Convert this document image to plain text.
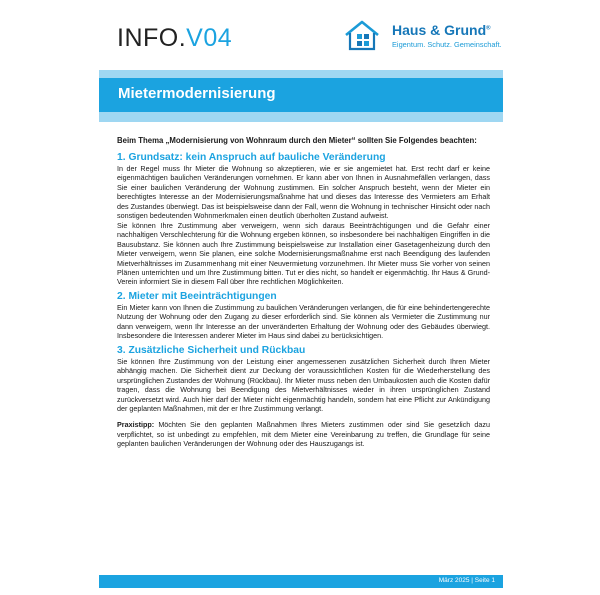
INFO.V04	Haus & Grund®
Eigentum. Schutz. Gemeinschaft.
Mietermodernisierung

Beim Thema „Modernisierung von Wohnraum durch den Mieter“ sollten Sie Folgendes beachten:

1. Grundsatz: kein Anspruch auf bauliche Veränderung

In der Regel muss Ihr Mieter die Wohnung so akzeptieren, wie er sie angemietet hat. Erst recht darf er keine eigenmächtigen baulichen Veränderungen vornehmen. Er kann aber von Ihnen in Ausnahmefällen verlangen, dass Sie einer baulichen Veränderung der Wohnung zustimmen. Ein solcher Anspruch besteht, wenn der Mieter ein berechtigtes Interesse an der Modernisierungsmaßnahme hat und dieses das Interesse des Vermieters am Erhalt des Zustandes überwiegt. Das ist beispielsweise dann der Fall, wenn die Wohnung in technischer Hinsicht oder nach sonstigen bedeutenden Wohnmerkmalen einen deutlich überholten Zustand aufweist.

Sie können Ihre Zustimmung aber verweigern, wenn sich daraus Beeinträchtigungen und die Gefahr einer nachhaltigen Verschlechterung für die Wohnung ergeben können, so insbesondere bei nachhaltigen Eingriffen in die Bausubstanz. Sie können auch Ihre Zustimmung beispielsweise zur Installation einer Gasetagenheizung durch den Mieter verweigern, wenn Sie planen, eine solche Modernisierungsmaßnahme erst nach Beendigung des laufenden Mietverhältnisses im Zusammenhang mit einer Neuvermietung vorzunehmen. Ihr Mieter muss Sie vorher von seinen Plänen unterrichten und um Ihre Zustimmung bitten. Tut er dies nicht, so handelt er eigenmächtig. Ihr Haus & Grund-Verein informiert Sie in diesem Fall über Ihre rechtlichen Möglichkeiten.

2. Mieter mit Beeinträchtigungen

Ein Mieter kann von Ihnen die Zustimmung zu baulichen Veränderungen verlangen, die für eine behindertengerechte Nutzung der Wohnung oder den Zugang zu dieser erforderlich sind. Sie können als Vermieter die Zustimmung nur dann verweigern, wenn Ihr Interesse an der unveränderten Erhaltung der Wohnung oder des Gebäudes überwiegt. Insbesondere die Interessen anderer Mieter im Haus sind dabei zu berücksichtigen.

3. Zusätzliche Sicherheit und Rückbau

Sie können Ihre Zustimmung von der Leistung einer angemessenen zusätzlichen Sicherheit durch Ihren Mieter abhängig machen. Die Sicherheit dient zur Deckung der voraussichtlichen Kosten für die Wiederherstellung des ursprünglichen Zustandes der Wohnung (Rückbau). Ihr Mieter muss neben den Umbaukosten auch die Kosten dafür tragen, dass die Wohnung bei Beendigung des Mietverhältnisses wieder in ihren ursprünglichen Zustand zurückversetzt wird. Auch hier darf der Mieter nicht eigenmächtig handeln, sondern hat eine Pflicht zur Ankündigung der geplanten Maßnahmen, mit der er Ihre Zustimmung verlangt.

Praxistipp: Möchten Sie den geplanten Maßnahmen Ihres Mieters zustimmen oder sind Sie gesetzlich dazu verpflichtet, so ist unbedingt zu empfehlen, mit dem Mieter eine Vereinbarung zu treffen, die Grundlage für seine geplanten baulichen Veränderungen der Wohnung oder des Hauszugangs ist.

März 2025 | Seite 1
